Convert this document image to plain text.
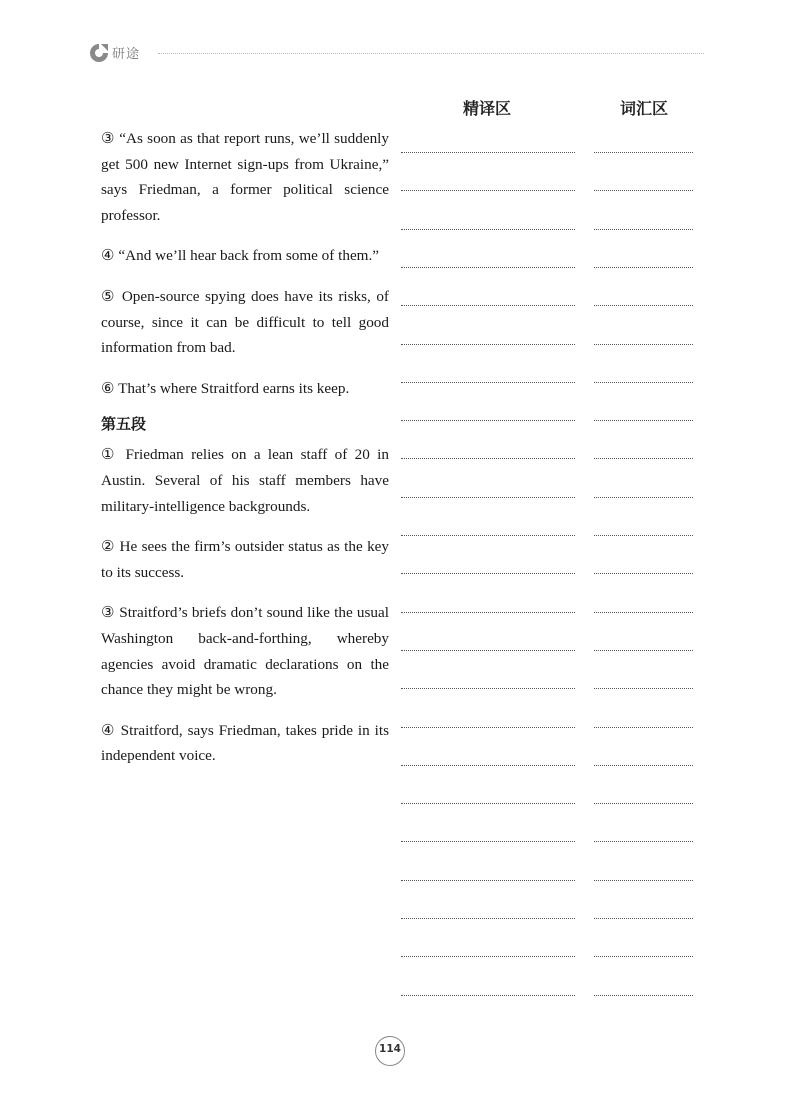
研途
精译区	词汇区

③ “As soon as that report runs, we’ll suddenly get 500 new Internet sign-ups from Ukraine,” says Friedman, a former political science professor.

④ “And we’ll hear back from some of them.”

⑤ Open-source spying does have its risks, of course, since it can be difficult to tell good information from bad.

⑥ That’s where Straitford earns its keep.

第五段

① Friedman relies on a lean staff of 20 in Austin. Several of his staff members have military-intelligence backgrounds.

② He sees the firm’s outsider status as the key to its success.

③ Straitford’s briefs don’t sound like the usual Washington back-and-forthing, whereby agencies avoid dramatic declarations on the chance they might be wrong.

④ Straitford, says Friedman, takes pride in its independent voice.

114
